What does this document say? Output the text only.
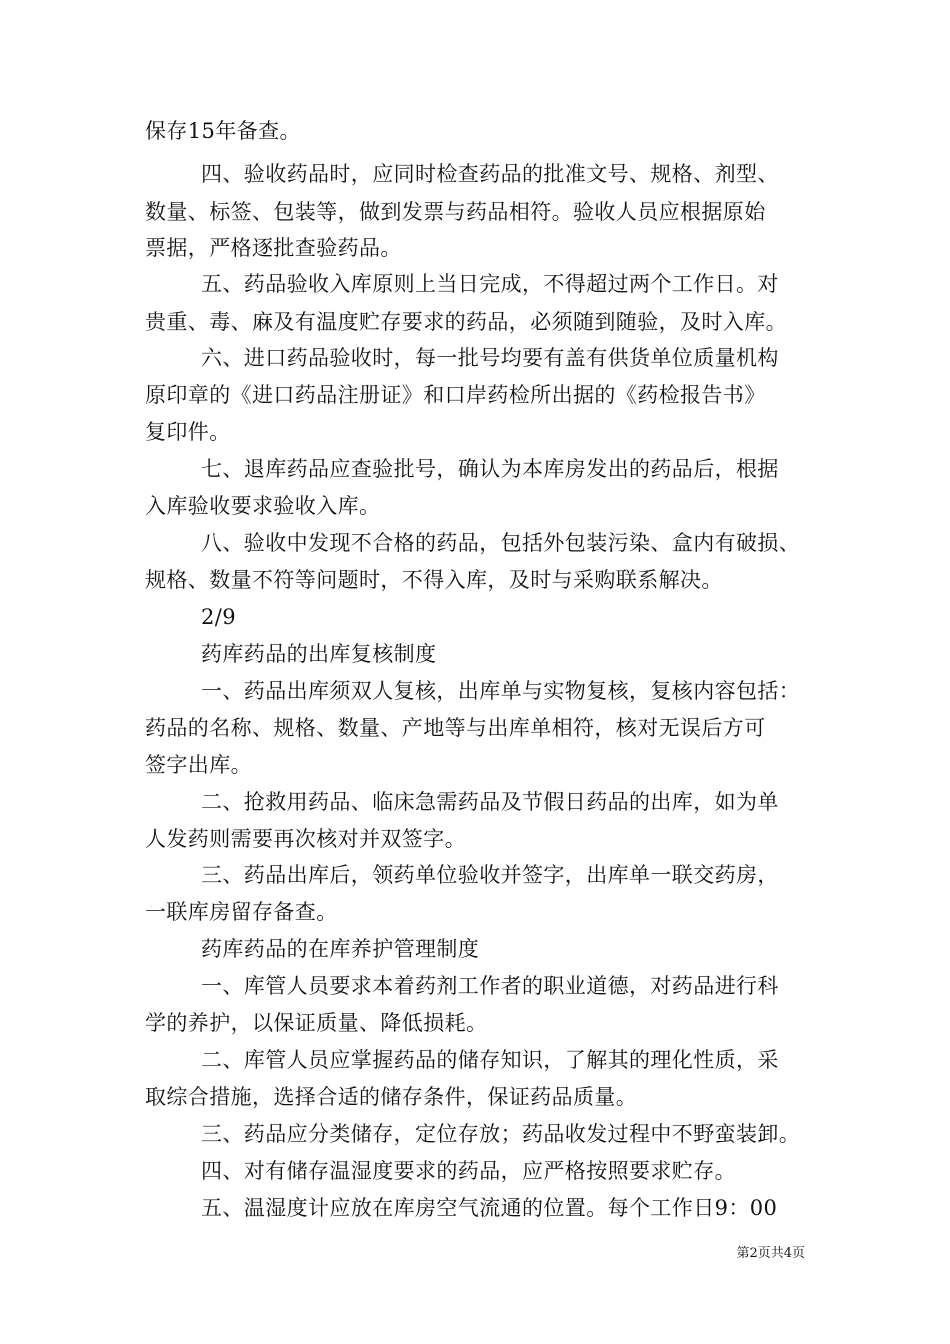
保存15年备查。
四、验收药品时，应同时检查药品的批准文号、规格、剂型、
数量、标签、包装等，做到发票与药品相符。验收人员应根据原始
票据，严格逐批查验药品。
五、药品验收入库原则上当日完成，不得超过两个工作日。对
贵重、毒、麻及有温度贮存要求的药品，必须随到随验，及时入库。
六、进口药品验收时，每一批号均要有盖有供货单位质量机构
原印章的《进口药品注册证》和口岸药检所出据的《药检报告书》
复印件。
七、退库药品应查验批号，确认为本库房发出的药品后，根据
入库验收要求验收入库。
八、验收中发现不合格的药品，包括外包装污染、盒内有破损、
规格、数量不符等问题时，不得入库，及时与采购联系解决。
2/9
药库药品的出库复核制度
一、药品出库须双人复核，出库单与实物复核，复核内容包括：
药品的名称、规格、数量、产地等与出库单相符，核对无误后方可
签字出库。
二、抢救用药品、临床急需药品及节假日药品的出库，如为单
人发药则需要再次核对并双签字。
三、药品出库后，领药单位验收并签字，出库单一联交药房，
一联库房留存备查。
药库药品的在库养护管理制度
一、库管人员要求本着药剂工作者的职业道德，对药品进行科
学的养护，以保证质量、降低损耗。
二、库管人员应掌握药品的储存知识，了解其的理化性质，采
取综合措施，选择合适的储存条件，保证药品质量。
三、药品应分类储存，定位存放；药品收发过程中不野蛮装卸。
四、对有储存温湿度要求的药品，应严格按照要求贮存。
五、温湿度计应放在库房空气流通的位置。每个工作日9：00
第2页共4页
